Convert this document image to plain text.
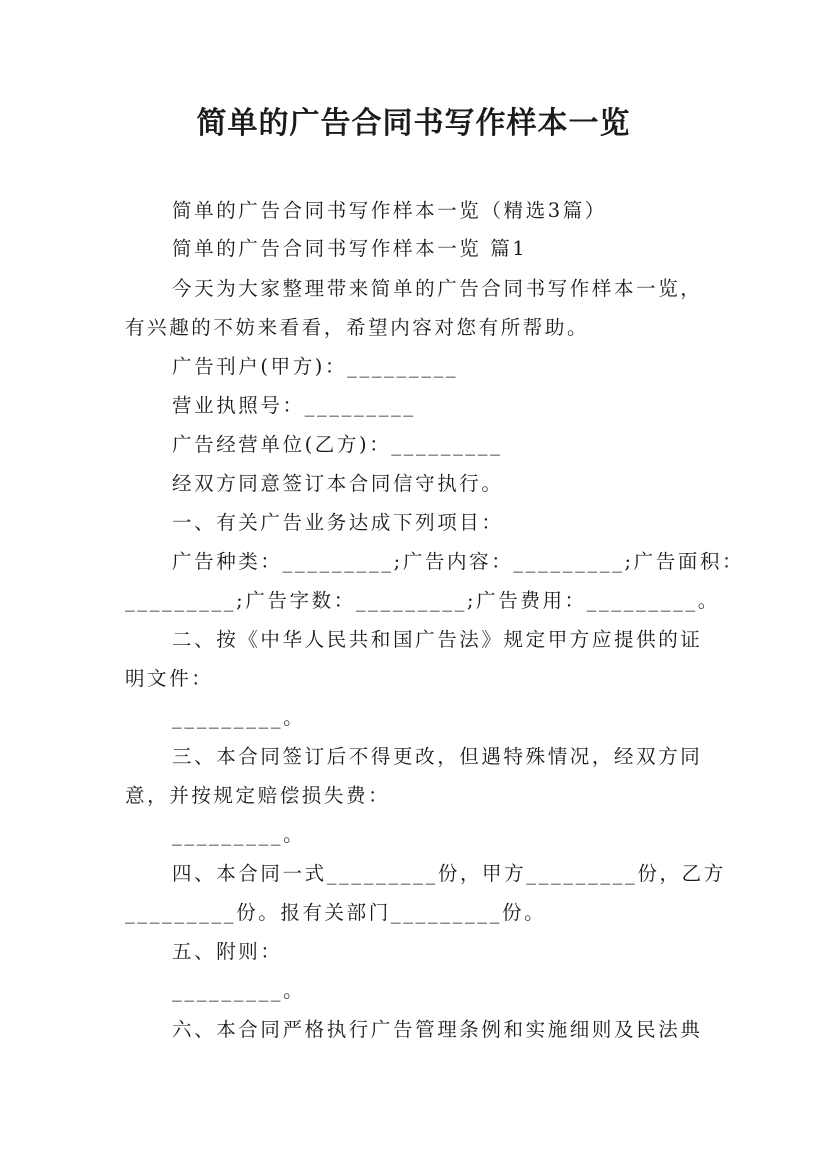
简单的广告合同书写作样本一览
简单的广告合同书写作样本一览（精选3篇）
简单的广告合同书写作样本一览 篇1
今天为大家整理带来简单的广告合同书写作样本一览，
有兴趣的不妨来看看，希望内容对您有所帮助。
广告刊户(甲方)：_________
营业执照号：_________
广告经营单位(乙方)：_________
经双方同意签订本合同信守执行。
一、有关广告业务达成下列项目：
广告种类：_________;广告内容：_________;广告面积：
_________;广告字数：_________;广告费用：_________。
二、按《中华人民共和国广告法》规定甲方应提供的证
明文件：
_________。
三、本合同签订后不得更改，但遇特殊情况，经双方同
意，并按规定赔偿损失费：
_________。
四、本合同一式_________份，甲方_________份，乙方
_________份。报有关部门_________份。
五、附则：
_________。
六、本合同严格执行广告管理条例和实施细则及民法典
